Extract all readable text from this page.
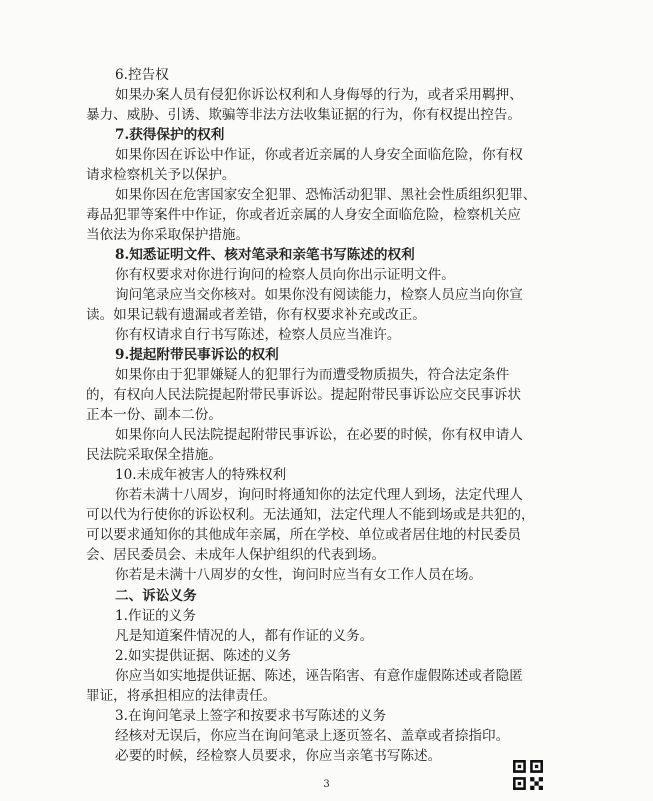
6.控告权
如果办案人员有侵犯你诉讼权利和人身侮辱的行为，或者采用羁押、
暴力、威胁、引诱、欺骗等非法方法收集证据的行为，你有权提出控告。
7.获得保护的权利
如果你因在诉讼中作证，你或者近亲属的人身安全面临危险，你有权
请求检察机关予以保护。
如果你因在危害国家安全犯罪、恐怖活动犯罪、黑社会性质组织犯罪、
毒品犯罪等案件中作证，你或者近亲属的人身安全面临危险，检察机关应
当依法为你采取保护措施。
8.知悉证明文件、核对笔录和亲笔书写陈述的权利
你有权要求对你进行询问的检察人员向你出示证明文件。
询问笔录应当交你核对。如果你没有阅读能力，检察人员应当向你宣
读。如果记载有遗漏或者差错，你有权要求补充或改正。
你有权请求自行书写陈述，检察人员应当准许。
9.提起附带民事诉讼的权利
如果你由于犯罪嫌疑人的犯罪行为而遭受物质损失，符合法定条件
的，有权向人民法院提起附带民事诉讼。提起附带民事诉讼应交民事诉状
正本一份、副本二份。
如果你向人民法院提起附带民事诉讼，在必要的时候，你有权申请人
民法院采取保全措施。
10.未成年被害人的特殊权利
你若未满十八周岁，询问时将通知你的法定代理人到场，法定代理人
可以代为行使你的诉讼权利。无法通知，法定代理人不能到场或是共犯的，
可以要求通知你的其他成年亲属，所在学校、单位或者居住地的村民委员
会、居民委员会、未成年人保护组织的代表到场。
你若是未满十八周岁的女性，询问时应当有女工作人员在场。
二、诉讼义务
1.作证的义务
凡是知道案件情况的人，都有作证的义务。
2.如实提供证据、陈述的义务
你应当如实地提供证据、陈述，诬告陷害、有意作虚假陈述或者隐匿
罪证，将承担相应的法律责任。
3.在询问笔录上签字和按要求书写陈述的义务
经核对无误后，你应当在询问笔录上逐页签名、盖章或者捺指印。
必要的时候，经检察人员要求，你应当亲笔书写陈述。
3
